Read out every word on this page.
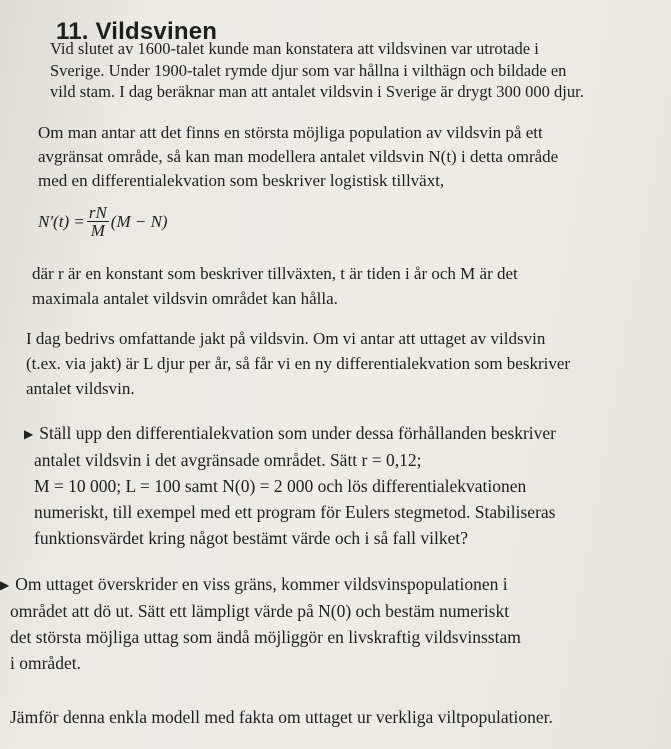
11. Vildsvinen
Vid slutet av 1600-talet kunde man konstatera att vildsvinen var utrotade i
Sverige. Under 1900-talet rymde djur som var hållna i vilthägn och bildade en
vild stam. I dag beräknar man att antalet vildsvin i Sverige är drygt 300 000 djur.
Om man antar att det finns en största möjliga population av vildsvin på ett
avgränsat område, så kan man modellera antalet vildsvin N(t) i detta område
med en differentialekvation som beskriver logistisk tillväxt,
$N'(t) = \frac{rN}{M} (M - N)$
där r är en konstant som beskriver tillväxten, t är tiden i år och M är det
maximala antalet vildsvin området kan hålla.
I dag bedrivs omfattande jakt på vildsvin. Om vi antar att uttaget av vildsvin
(t.ex. via jakt) är L djur per år, så får vi en ny differentialekvation som beskriver
antalet vildsvin.
▶ Ställ upp den differentialekvation som under dessa förhållanden beskriver
antalet vildsvin i det avgränsade området. Sätt r = 0,12;
M = 10 000; L = 100 samt N(0) = 2 000 och lös differentialekvationen
numeriskt, till exempel med ett program för Eulers stegmetod. Stabiliseras
funktionsvärdet kring något bestämt värde och i så fall vilket?
▶ Om uttaget överskrider en viss gräns, kommer vildsvinspopulationen i
området att dö ut. Sätt ett lämpligt värde på N(0) och bestäm numeriskt
det största möjliga uttag som ändå möjliggör en livskraftig vildsvinsstam
i området.
Jämför denna enkla modell med fakta om uttaget ur verkliga viltpopulationer.
